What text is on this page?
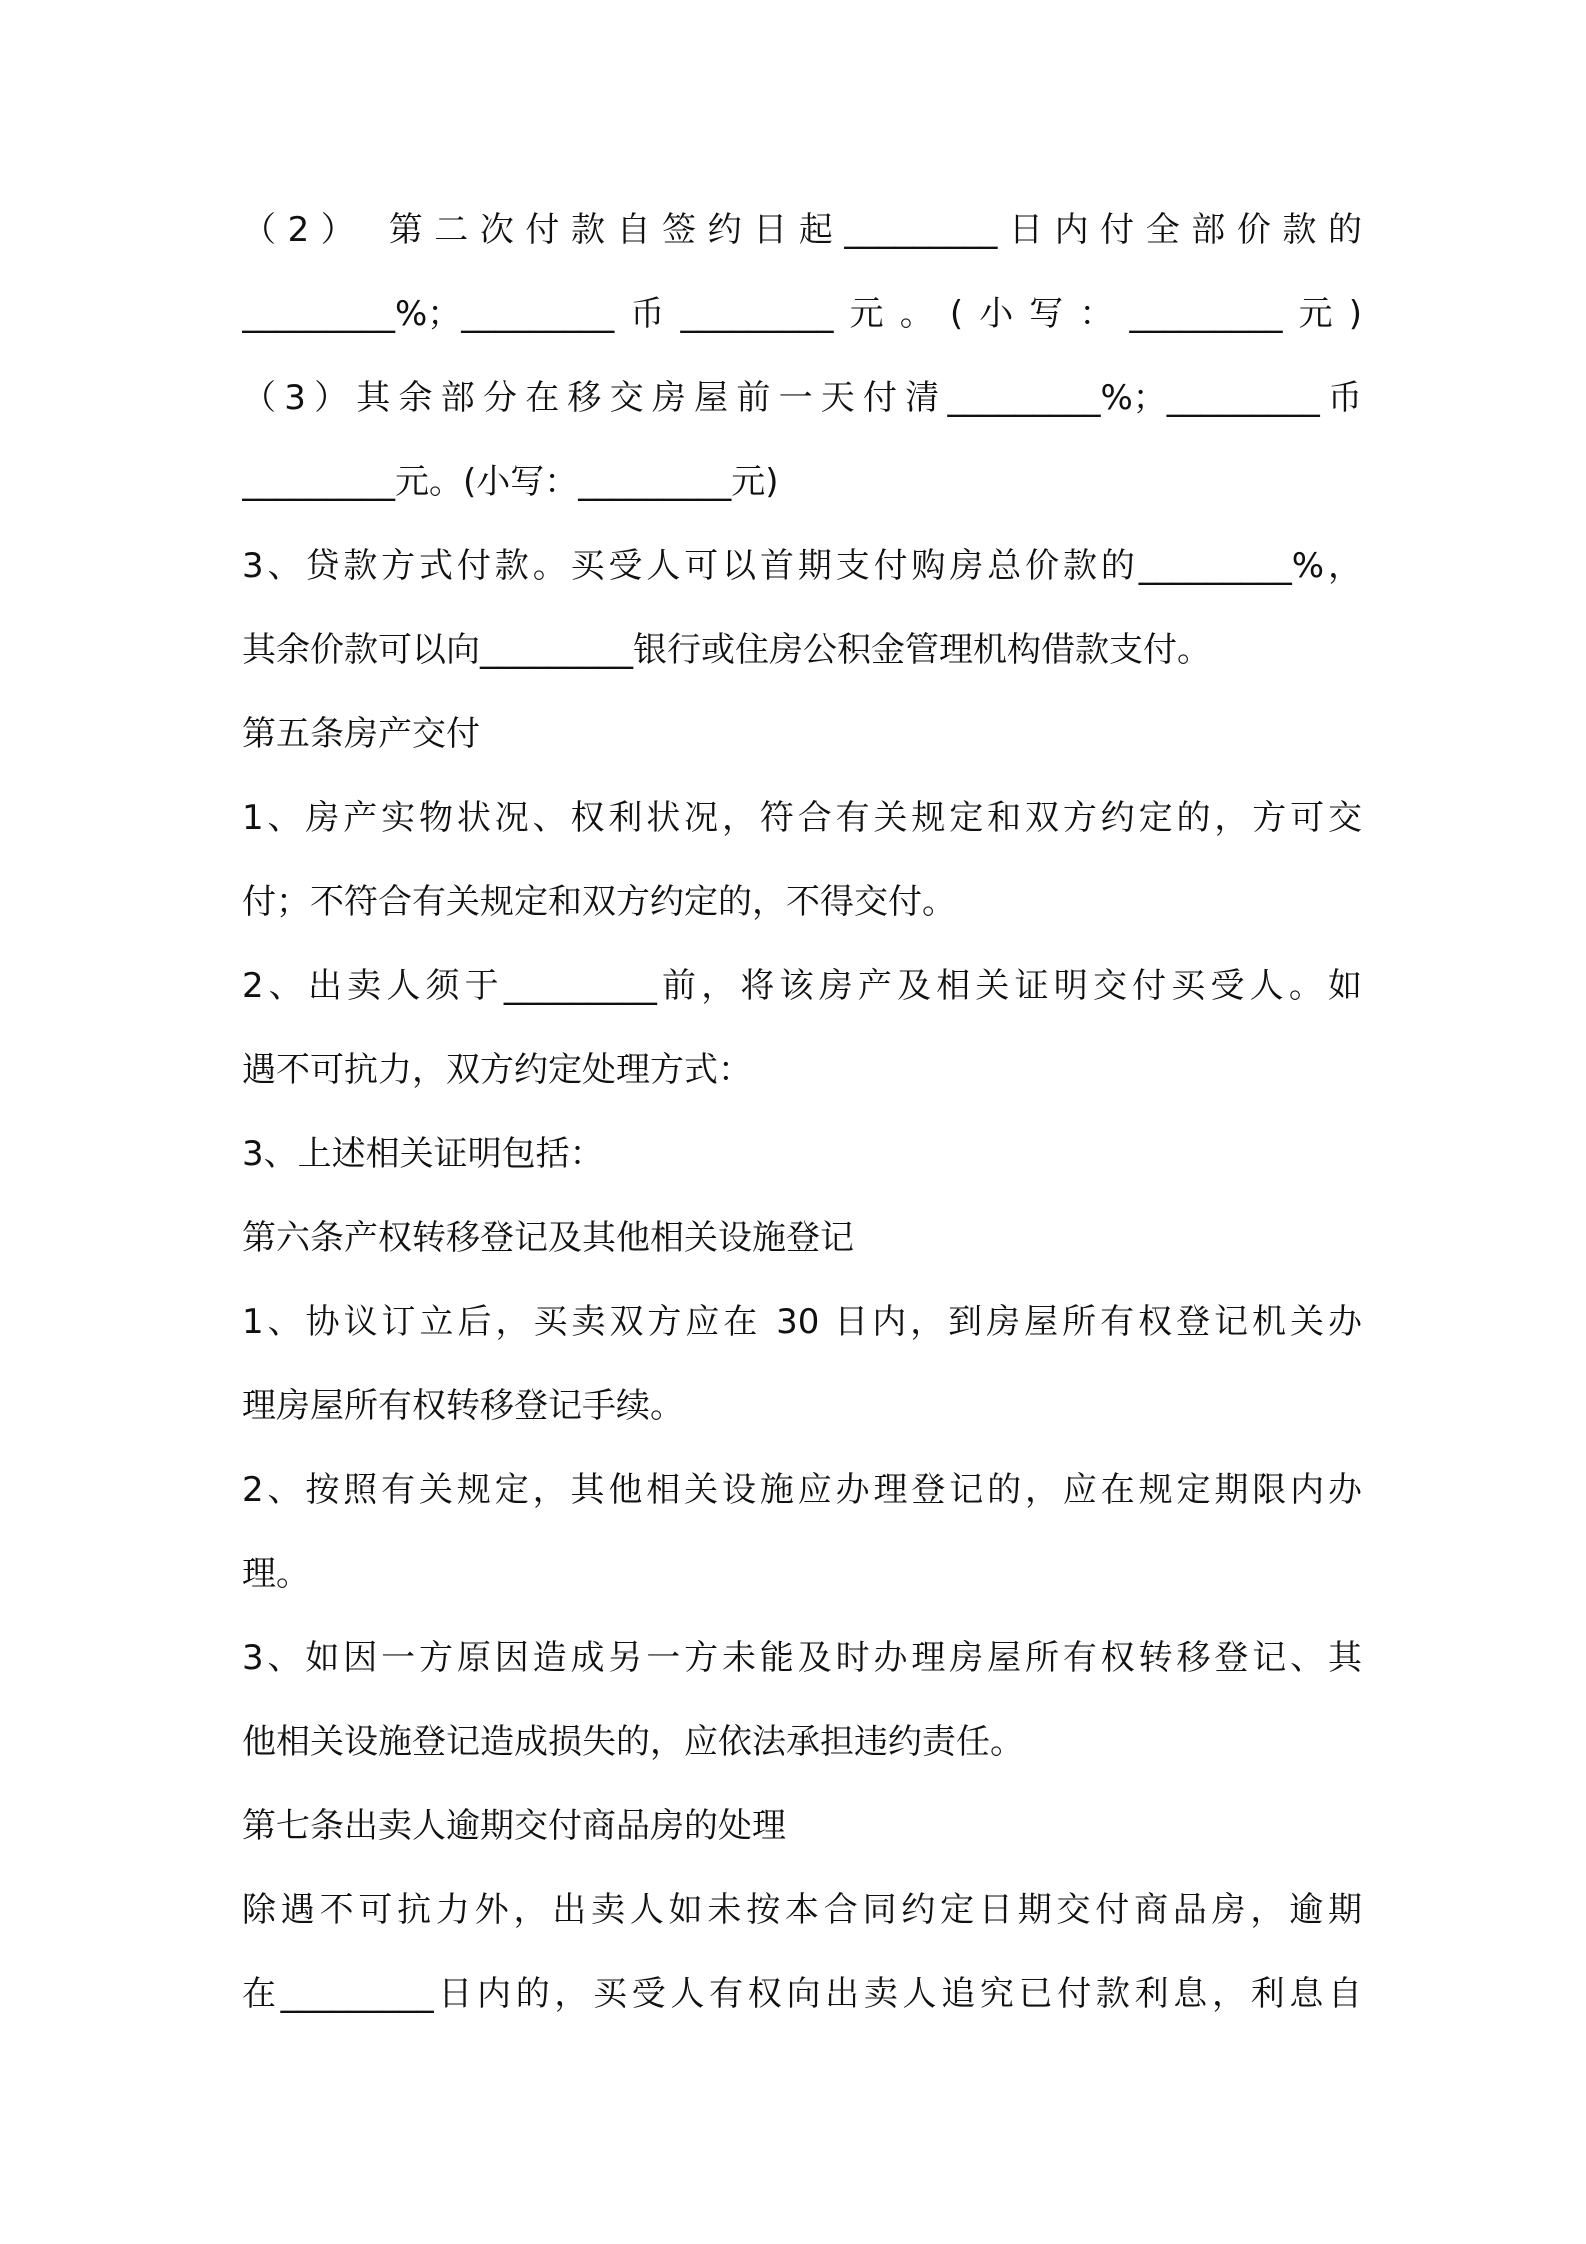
（2） 第二次付款自签约日起_________日内付全部价款的
_________%；_________币_________元。(小写：_________元)
（3）其余部分在移交房屋前一天付清_________%；_________币
_________元。(小写：_________元)
3、贷款方式付款。买受人可以首期支付购房总价款的_________%，
其余价款可以向_________银行或住房公积金管理机构借款支付。
第五条房产交付
1、房产实物状况、权利状况，符合有关规定和双方约定的，方可交
付；不符合有关规定和双方约定的，不得交付。
2、出卖人须于_________前，将该房产及相关证明交付买受人。如
遇不可抗力，双方约定处理方式：
3、上述相关证明包括：
第六条产权转移登记及其他相关设施登记
1、协议订立后，买卖双方应在 30 日内，到房屋所有权登记机关办
理房屋所有权转移登记手续。
2、按照有关规定，其他相关设施应办理登记的，应在规定期限内办
理。
3、如因一方原因造成另一方未能及时办理房屋所有权转移登记、其
他相关设施登记造成损失的，应依法承担违约责任。
第七条出卖人逾期交付商品房的处理
除遇不可抗力外，出卖人如未按本合同约定日期交付商品房，逾期
在_________日内的，买受人有权向出卖人追究已付款利息，利息自
